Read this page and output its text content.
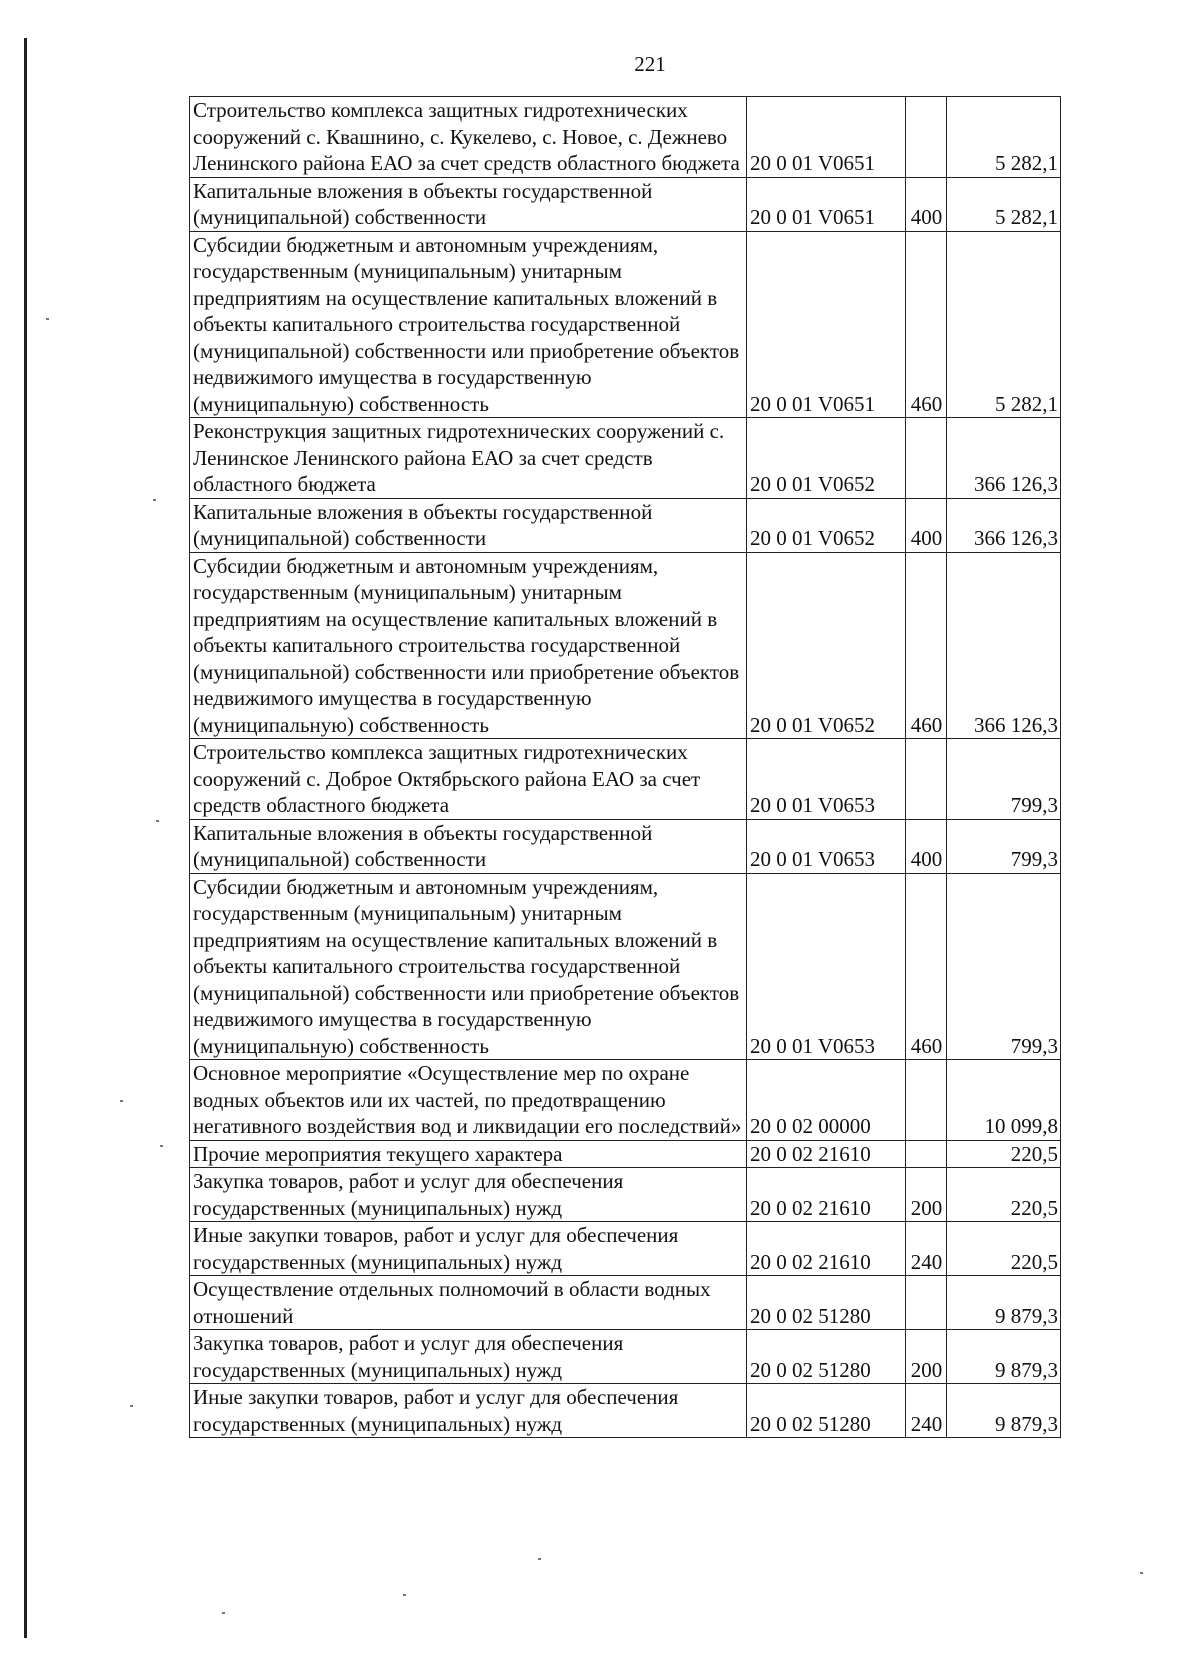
221
Строительство комплекса защитных гидротехнических сооружений с. Квашнино, с. Кукелево, с. Новое, с. Дежнево Ленинского района ЕАО за счет средств областного бюджета	20 0 01 V0651		5 282,1
Капитальные вложения в объекты государственной (муниципальной) собственности	20 0 01 V0651	400	5 282,1
Субсидии бюджетным и автономным учреждениям, государственным (муниципальным) унитарным предприятиям на осуществление капитальных вложений в объекты капитального строительства государственной (муниципальной) собственности или приобретение объектов недвижимого имущества в государственную (муниципальную) собственность	20 0 01 V0651	460	5 282,1
Реконструкция защитных гидротехнических сооружений с. Ленинское Ленинского района ЕАО за счет средств областного бюджета	20 0 01 V0652		366 126,3
Капитальные вложения в объекты государственной (муниципальной) собственности	20 0 01 V0652	400	366 126,3
Субсидии бюджетным и автономным учреждениям, государственным (муниципальным) унитарным предприятиям на осуществление капитальных вложений в объекты капитального строительства государственной (муниципальной) собственности или приобретение объектов недвижимого имущества в государственную (муниципальную) собственность	20 0 01 V0652	460	366 126,3
Строительство комплекса защитных гидротехнических сооружений с. Доброе Октябрьского района ЕАО за счет средств областного бюджета	20 0 01 V0653		799,3
Капитальные вложения в объекты государственной (муниципальной) собственности	20 0 01 V0653	400	799,3
Субсидии бюджетным и автономным учреждениям, государственным (муниципальным) унитарным предприятиям на осуществление капитальных вложений в объекты капитального строительства государственной (муниципальной) собственности или приобретение объектов недвижимого имущества в государственную (муниципальную) собственность	20 0 01 V0653	460	799,3
Основное мероприятие «Осуществление мер по охране водных объектов или их частей, по предотвращению негативного воздействия вод и ликвидации его последствий»	20 0 02 00000		10 099,8
Прочие мероприятия текущего характера	20 0 02 21610		220,5
Закупка товаров, работ и услуг для обеспечения государственных (муниципальных) нужд	20 0 02 21610	200	220,5
Иные закупки товаров, работ и услуг для обеспечения государственных (муниципальных) нужд	20 0 02 21610	240	220,5
Осуществление отдельных полномочий в области водных отношений	20 0 02 51280		9 879,3
Закупка товаров, работ и услуг для обеспечения государственных (муниципальных) нужд	20 0 02 51280	200	9 879,3
Иные закупки товаров, работ и услуг для обеспечения государственных (муниципальных) нужд	20 0 02 51280	240	9 879,3
